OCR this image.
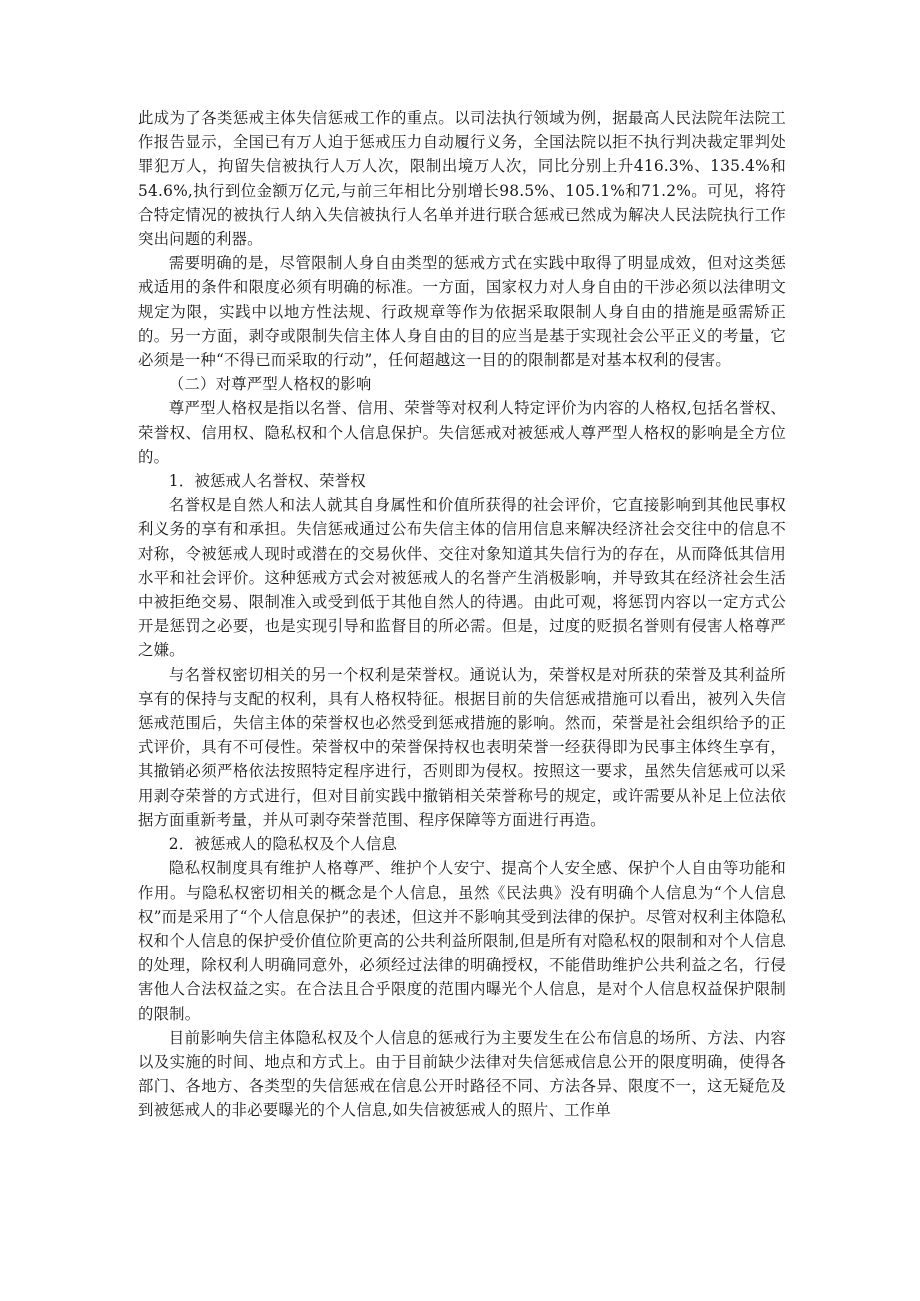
此成为了各类惩戒主体失信惩戒工作的重点。以司法执行领域为例，据最高人民法院年法院工作报告显示，全国已有万人迫于惩戒压力自动履行义务，全国法院以拒不执行判决裁定罪判处罪犯万人，拘留失信被执行人万人次，限制出境万人次，同比分别上升416.3%、135.4%和54.6%,执行到位金额万亿元,与前三年相比分别增长98.5%、105.1%和71.2%。可见，将符合特定情况的被执行人纳入失信被执行人名单并进行联合惩戒已然成为解决人民法院执行工作突出问题的利器。

需要明确的是，尽管限制人身自由类型的惩戒方式在实践中取得了明显成效，但对这类惩戒适用的条件和限度必须有明确的标准。一方面，国家权力对人身自由的干涉必须以法律明文规定为限，实践中以地方性法规、行政规章等作为依据采取限制人身自由的措施是亟需矫正的。另一方面，剥夺或限制失信主体人身自由的目的应当是基于实现社会公平正义的考量，它必须是一种“不得已而采取的行动”，任何超越这一目的的限制都是对基本权利的侵害。

（二）对尊严型人格权的影响

尊严型人格权是指以名誉、信用、荣誉等对权利人特定评价为内容的人格权,包括名誉权、荣誉权、信用权、隐私权和个人信息保护。失信惩戒对被惩戒人尊严型人格权的影响是全方位的。

1．被惩戒人名誉权、荣誉权

名誉权是自然人和法人就其自身属性和价值所获得的社会评价，它直接影响到其他民事权利义务的享有和承担。失信惩戒通过公布失信主体的信用信息来解决经济社会交往中的信息不对称，令被惩戒人现时或潜在的交易伙伴、交往对象知道其失信行为的存在，从而降低其信用水平和社会评价。这种惩戒方式会对被惩戒人的名誉产生消极影响，并导致其在经济社会生活中被拒绝交易、限制准入或受到低于其他自然人的待遇。由此可观，将惩罚内容以一定方式公开是惩罚之必要，也是实现引导和监督目的所必需。但是，过度的贬损名誉则有侵害人格尊严之嫌。

与名誉权密切相关的另一个权利是荣誉权。通说认为，荣誉权是对所获的荣誉及其利益所享有的保持与支配的权利，具有人格权特征。根据目前的失信惩戒措施可以看出，被列入失信惩戒范围后，失信主体的荣誉权也必然受到惩戒措施的影响。然而，荣誉是社会组织给予的正式评价，具有不可侵性。荣誉权中的荣誉保持权也表明荣誉一经获得即为民事主体终生享有，其撤销必须严格依法按照特定程序进行，否则即为侵权。按照这一要求，虽然失信惩戒可以采用剥夺荣誉的方式进行，但对目前实践中撤销相关荣誉称号的规定，或许需要从补足上位法依据方面重新考量，并从可剥夺荣誉范围、程序保障等方面进行再造。

2．被惩戒人的隐私权及个人信息

隐私权制度具有维护人格尊严、维护个人安宁、提高个人安全感、保护个人自由等功能和作用。与隐私权密切相关的概念是个人信息，虽然《民法典》没有明确个人信息为“个人信息权”而是采用了“个人信息保护”的表述，但这并不影响其受到法律的保护。尽管对权利主体隐私权和个人信息的保护受价值位阶更高的公共利益所限制,但是所有对隐私权的限制和对个人信息的处理，除权利人明确同意外，必须经过法律的明确授权，不能借助维护公共利益之名，行侵害他人合法权益之实。在合法且合乎限度的范围内曝光个人信息，是对个人信息权益保护限制的限制。

目前影响失信主体隐私权及个人信息的惩戒行为主要发生在公布信息的场所、方法、内容以及实施的时间、地点和方式上。由于目前缺少法律对失信惩戒信息公开的限度明确，使得各部门、各地方、各类型的失信惩戒在信息公开时路径不同、方法各异、限度不一，这无疑危及到被惩戒人的非必要曝光的个人信息,如失信被惩戒人的照片、工作单
